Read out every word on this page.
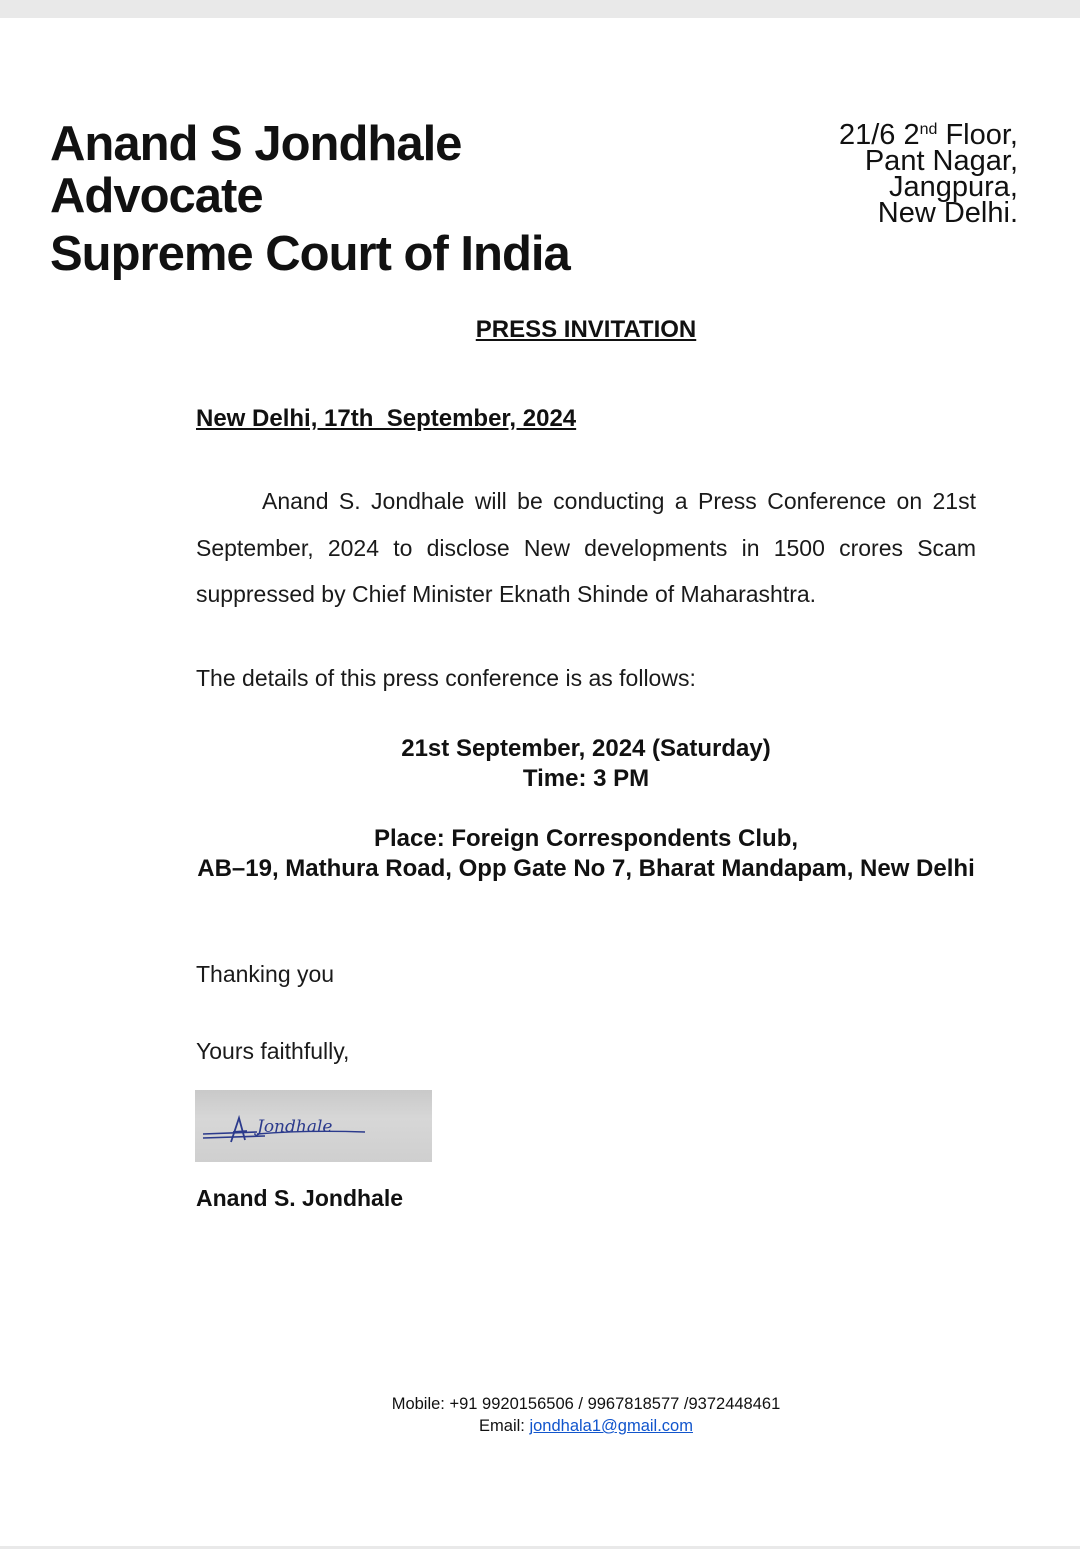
Anand S Jondhale
Advocate
Supreme Court of India
21/6 2nd Floor,
Pant Nagar,
Jangpura,
New Delhi.
PRESS INVITATION
New Delhi, 17th  September, 2024
Anand S. Jondhale will be conducting a Press Conference on 21st September, 2024 to disclose New developments in 1500 crores Scam suppressed by Chief Minister Eknath Shinde of Maharashtra.
The details of this press conference is as follows:
21st September, 2024 (Saturday)
Time: 3 PM
Place: Foreign Correspondents Club,
AB–19, Mathura Road, Opp Gate No 7, Bharat Mandapam, New Delhi
Thanking you
Yours faithfully,
Jondhale
Anand S. Jondhale
Mobile: +91 9920156506 / 9967818577 /9372448461
Email: jondhala1@gmail.com
